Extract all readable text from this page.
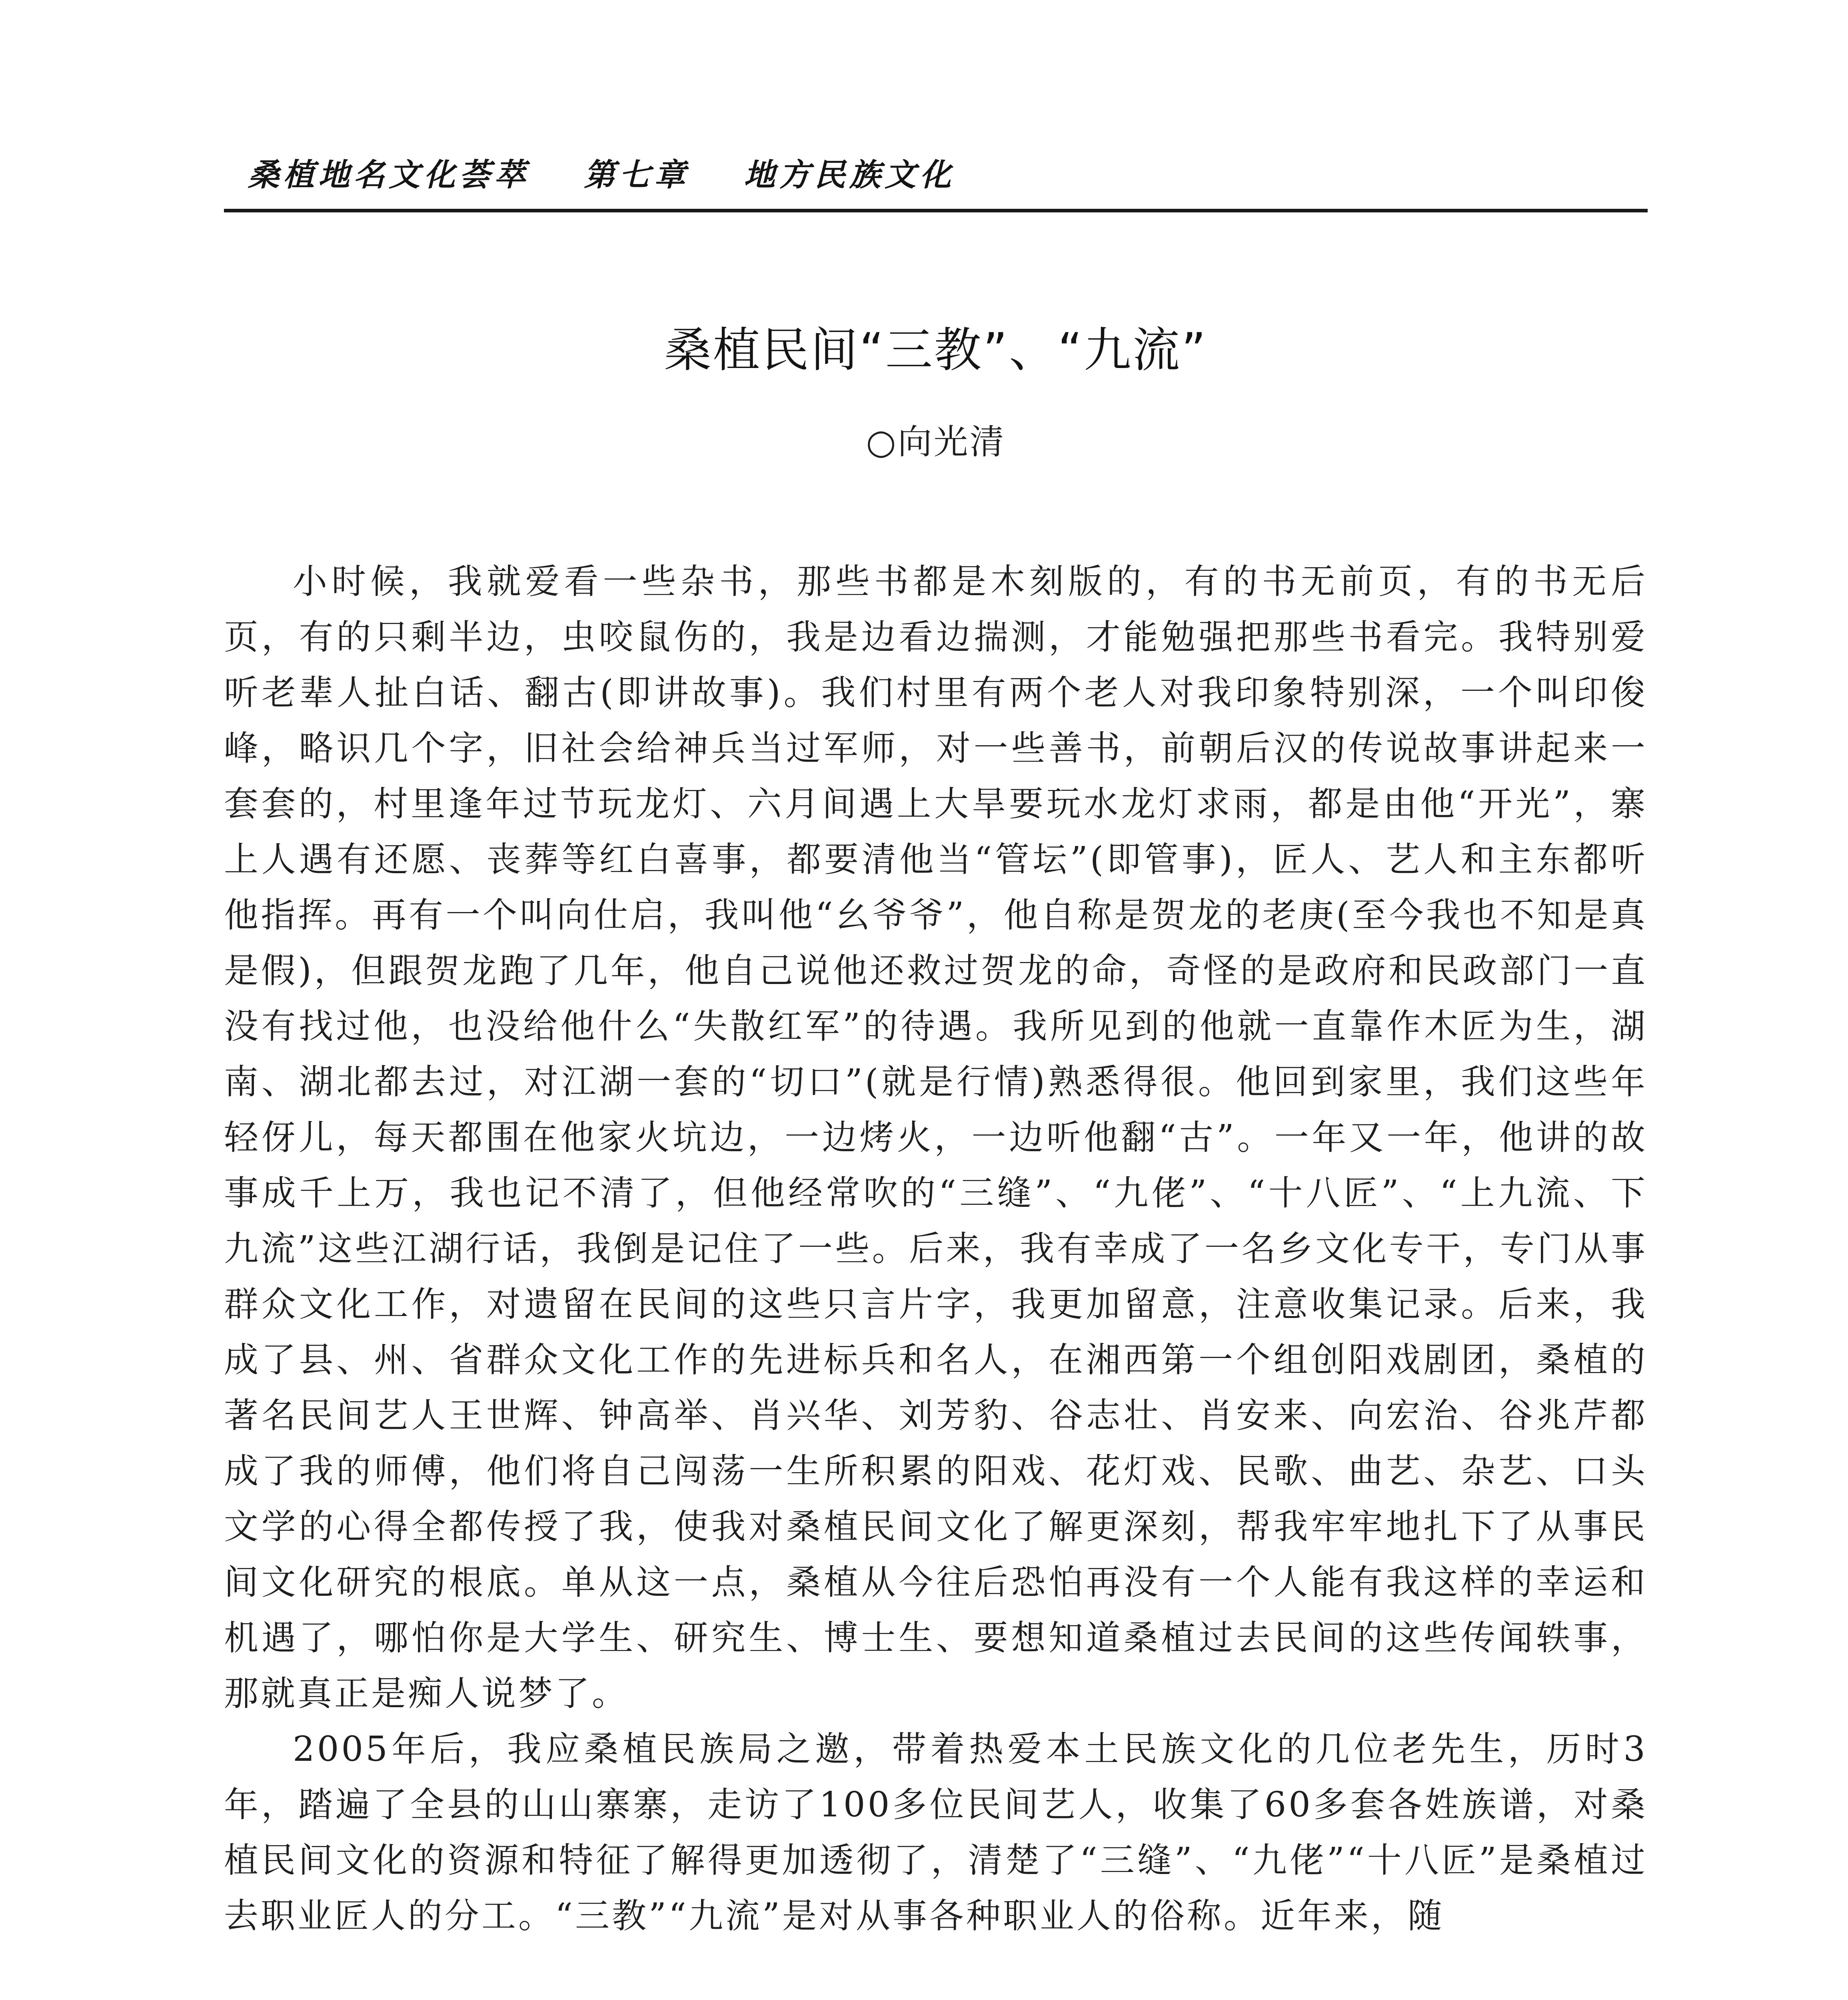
桑植地名文化荟萃 第七章 地方民族文化
桑植民间“三教”、“九流”
○向光清

小时候，我就爱看一些杂书，那些书都是木刻版的，有的书无前页，有的书无后页，有的只剩半边，虫咬鼠伤的，我是边看边揣测，才能勉强把那些书看完。我特别爱听老辈人扯白话、翻古(即讲故事)。我们村里有两个老人对我印象特别深，一个叫印俊峰，略识几个字，旧社会给神兵当过军师，对一些善书，前朝后汉的传说故事讲起来一套套的，村里逢年过节玩龙灯、六月间遇上大旱要玩水龙灯求雨，都是由他“开光”，寨上人遇有还愿、丧葬等红白喜事，都要清他当“管坛”(即管事)，匠人、艺人和主东都听他指挥。再有一个叫向仕启，我叫他“幺爷爷”，他自称是贺龙的老庚(至今我也不知是真是假)，但跟贺龙跑了几年，他自己说他还救过贺龙的命，奇怪的是政府和民政部门一直没有找过他，也没给他什么“失散红军”的待遇。我所见到的他就一直靠作木匠为生，湖南、湖北都去过，对江湖一套的“切口”(就是行情)熟悉得很。他回到家里，我们这些年轻伢儿，每天都围在他家火坑边，一边烤火，一边听他翻“古”。一年又一年，他讲的故事成千上万，我也记不清了，但他经常吹的“三缝”、“九佬”、“十八匠”、“上九流、下九流”这些江湖行话，我倒是记住了一些。后来，我有幸成了一名乡文化专干，专门从事群众文化工作，对遗留在民间的这些只言片字，我更加留意，注意收集记录。后来，我成了县、州、省群众文化工作的先进标兵和名人，在湘西第一个组创阳戏剧团，桑植的著名民间艺人王世辉、钟高举、肖兴华、刘芳豹、谷志壮、肖安来、向宏治、谷兆芹都成了我的师傅，他们将自己闯荡一生所积累的阳戏、花灯戏、民歌、曲艺、杂艺、口头文学的心得全都传授了我，使我对桑植民间文化了解更深刻，帮我牢牢地扎下了从事民间文化研究的根底。单从这一点，桑植从今往后恐怕再没有一个人能有我这样的幸运和机遇了，哪怕你是大学生、研究生、博士生、要想知道桑植过去民间的这些传闻轶事，那就真正是痴人说梦了。

2005年后，我应桑植民族局之邀，带着热爱本土民族文化的几位老先生，历时3年，踏遍了全县的山山寨寨，走访了100多位民间艺人，收集了60多套各姓族谱，对桑植民间文化的资源和特征了解得更加透彻了，清楚了“三缝”、“九佬”“十八匠”是桑植过去职业匠人的分工。“三教”“九流”是对从事各种职业人的俗称。近年来，随
